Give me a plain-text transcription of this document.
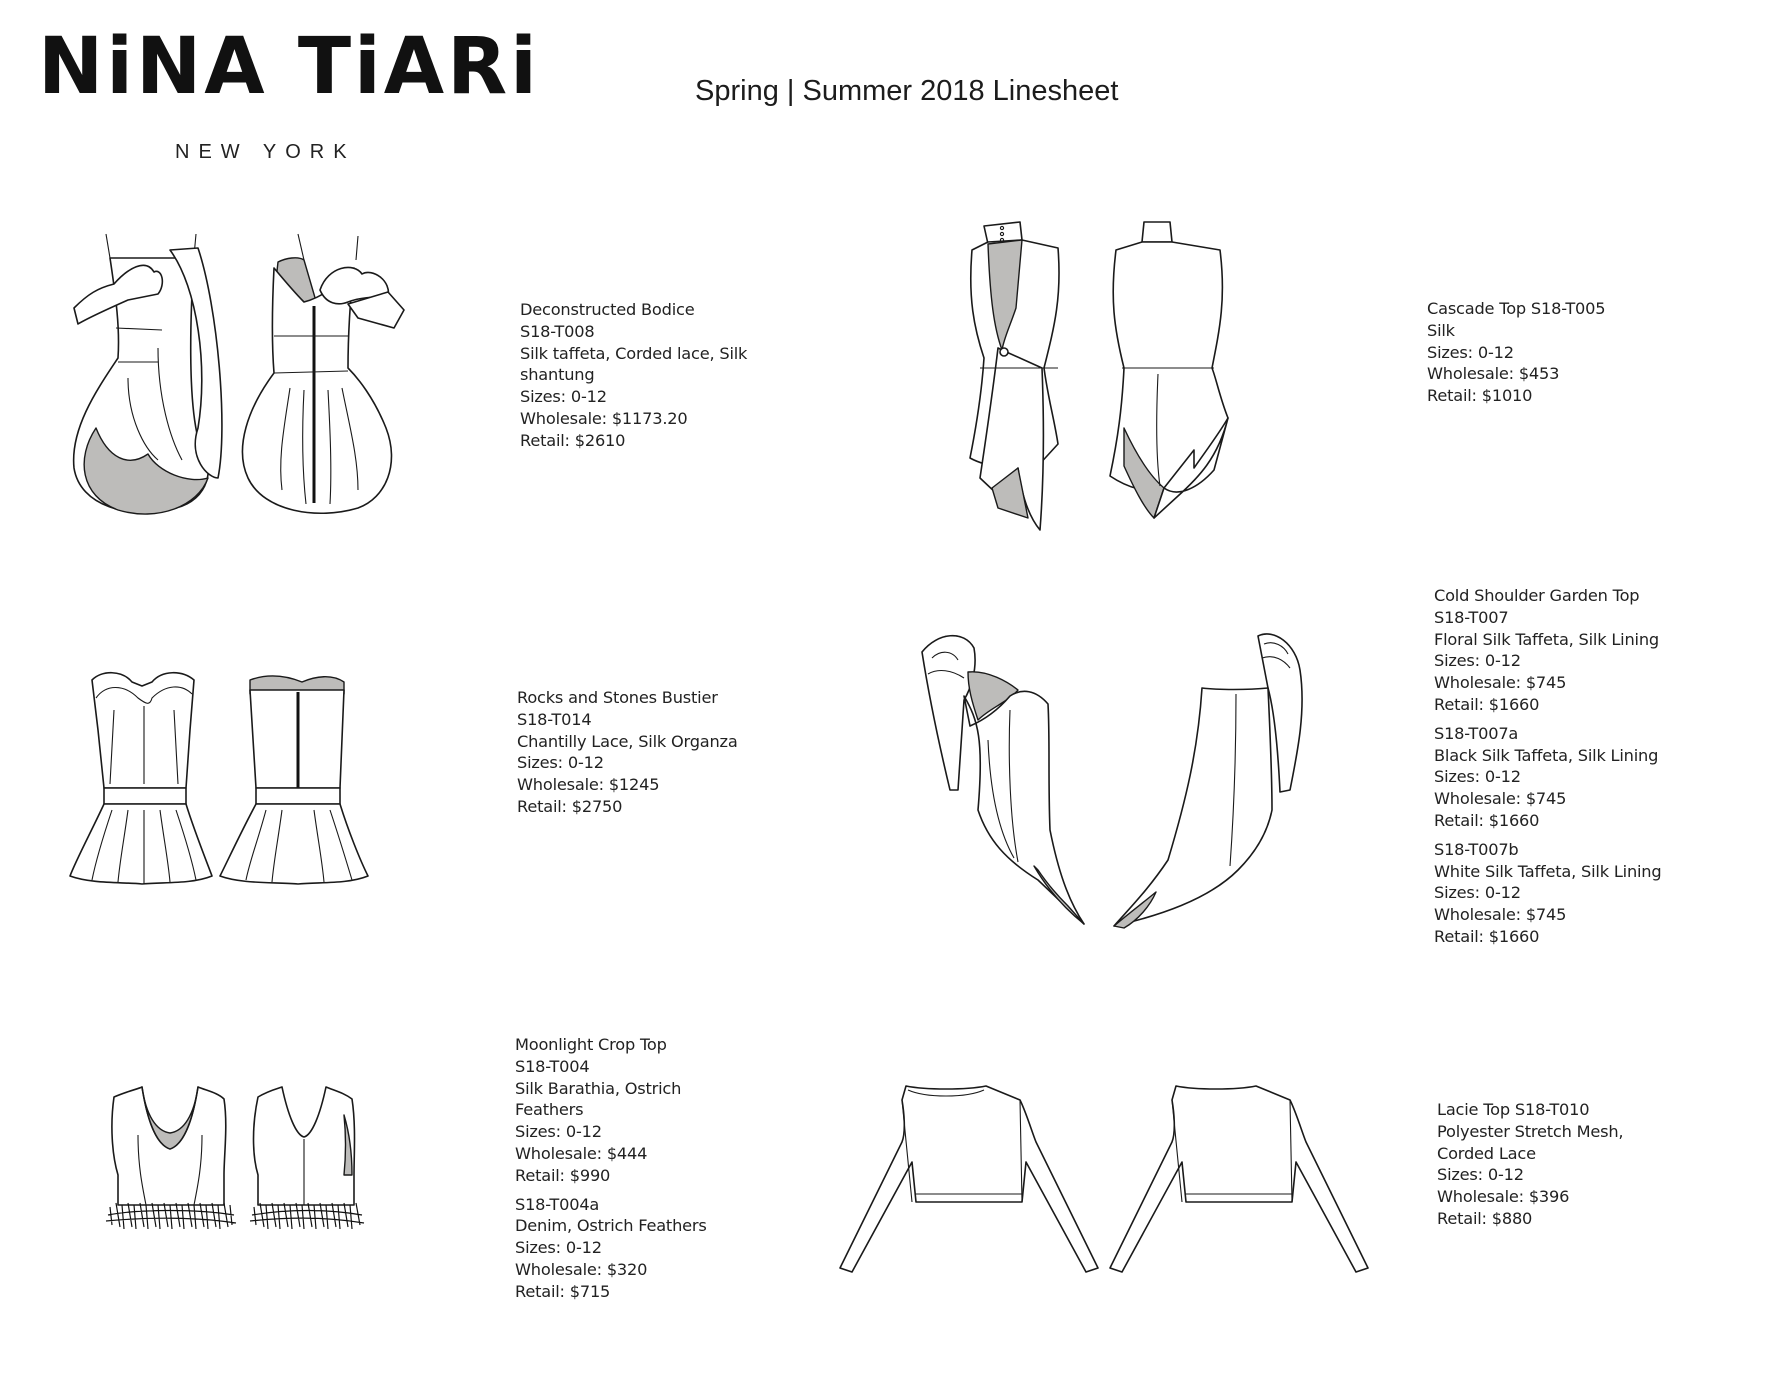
NiNA TiARi
NEW YORK
Spring | Summer 2018 Linesheet
Deconstructed Bodice
S18-T008
Silk taffeta, Corded lace, Silk shantung
Sizes: 0-12
Wholesale: $1173.20
Retail: $2610
Cascade Top S18-T005
Silk
Sizes: 0-12
Wholesale: $453
Retail: $1010
Rocks and Stones Bustier
S18-T014
Chantilly Lace, Silk Organza
Sizes: 0-12
Wholesale: $1245
Retail: $2750
Cold Shoulder Garden Top
S18-T007
Floral Silk Taffeta, Silk Lining
Sizes: 0-12
Wholesale: $745
Retail: $1660
S18-T007a
Black Silk Taffeta, Silk Lining
Sizes: 0-12
Wholesale: $745
Retail: $1660
S18-T007b
White Silk Taffeta, Silk Lining
Sizes: 0-12
Wholesale: $745
Retail: $1660
Moonlight Crop Top
S18-T004
Silk Barathia, Ostrich Feathers
Sizes: 0-12
Wholesale: $444
Retail: $990
S18-T004a
Denim, Ostrich Feathers
Sizes: 0-12
Wholesale: $320
Retail: $715
Lacie Top S18-T010
Polyester Stretch Mesh, Corded Lace
Sizes: 0-12
Wholesale: $396
Retail: $880
